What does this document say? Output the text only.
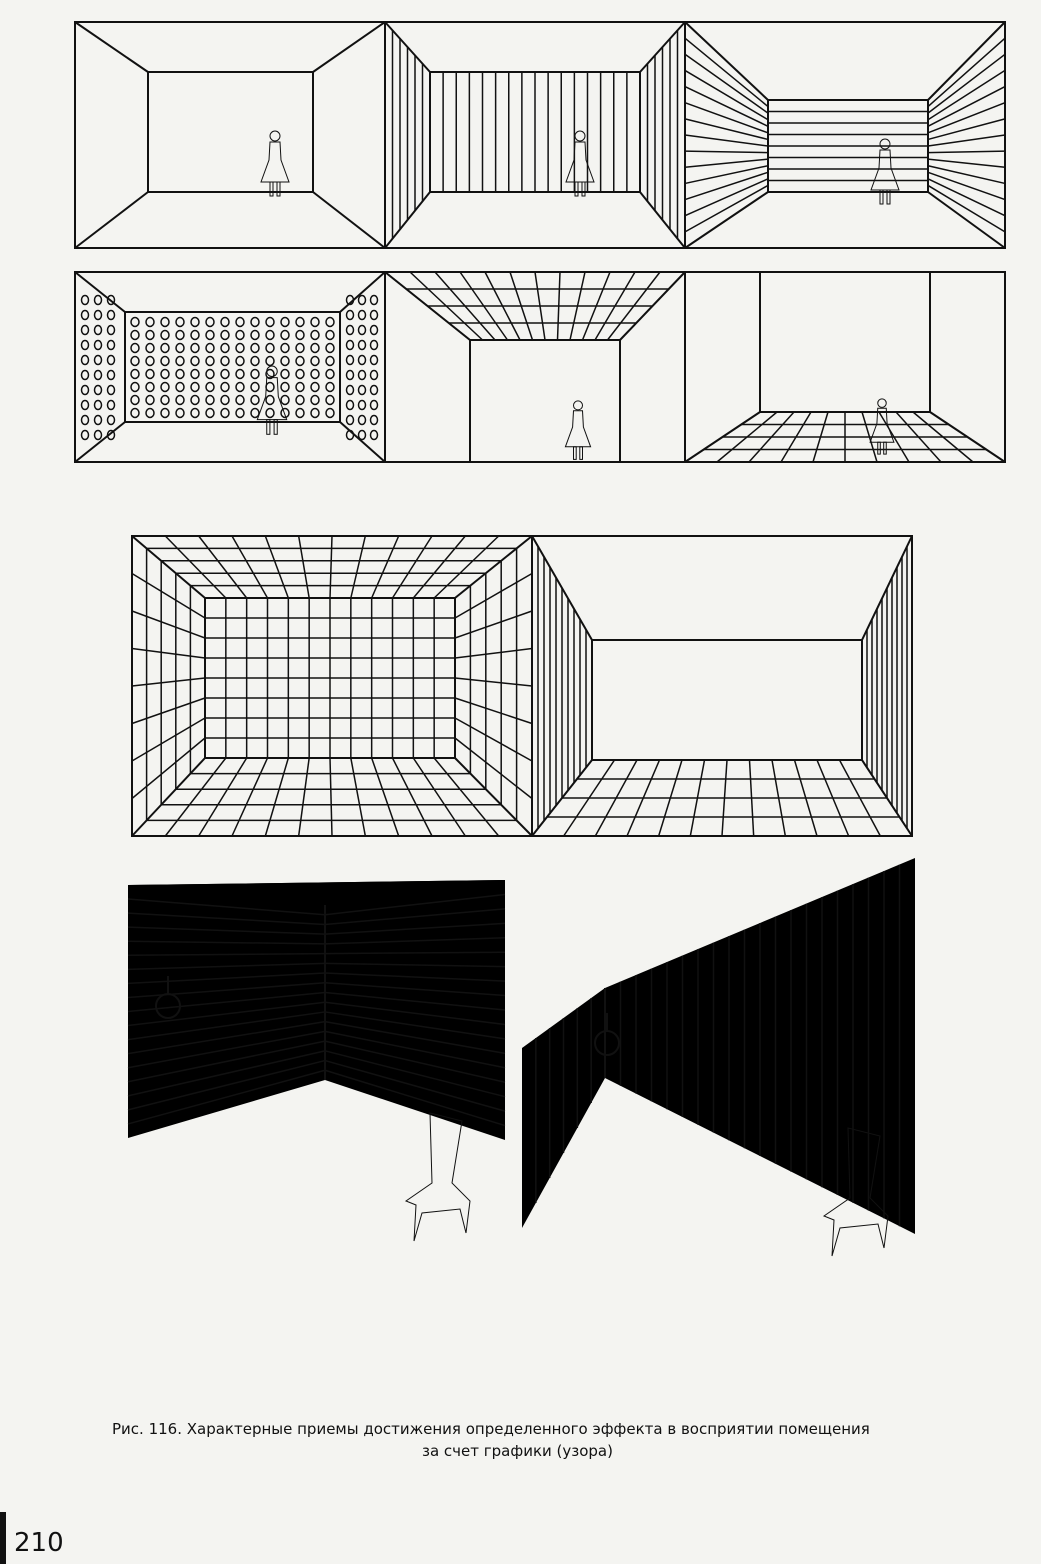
Рис. 116. Характерные приемы достижения определенного эффекта в восприятии помещения
за счет графики (узора)
210
